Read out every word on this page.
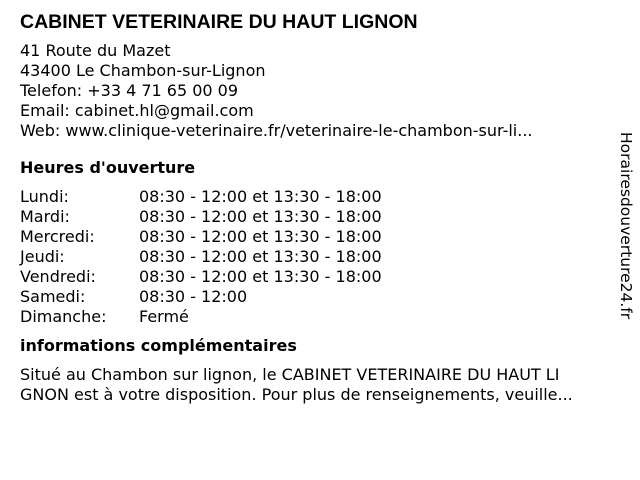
CABINET VETERINAIRE DU HAUT LIGNON
41 Route du Mazet
43400 Le Chambon-sur-Lignon
Telefon: +33 4 71 65 00 09
Email: cabinet.hl@gmail.com
Web: www.clinique-veterinaire.fr/veterinaire-le-chambon-sur-li...
Heures d'ouverture
Lundi:	08:30 - 12:00 et 13:30 - 18:00
Mardi:	08:30 - 12:00 et 13:30 - 18:00
Mercredi:	08:30 - 12:00 et 13:30 - 18:00
Jeudi:	08:30 - 12:00 et 13:30 - 18:00
Vendredi:	08:30 - 12:00 et 13:30 - 18:00
Samedi:	08:30 - 12:00
Dimanche:	Fermé
informations complémentaires
Situé au Chambon sur lignon, le CABINET VETERINAIRE DU HAUT LI
GNON est à votre disposition. Pour plus de renseignements, veuille...
Horairesdouverture24.fr
